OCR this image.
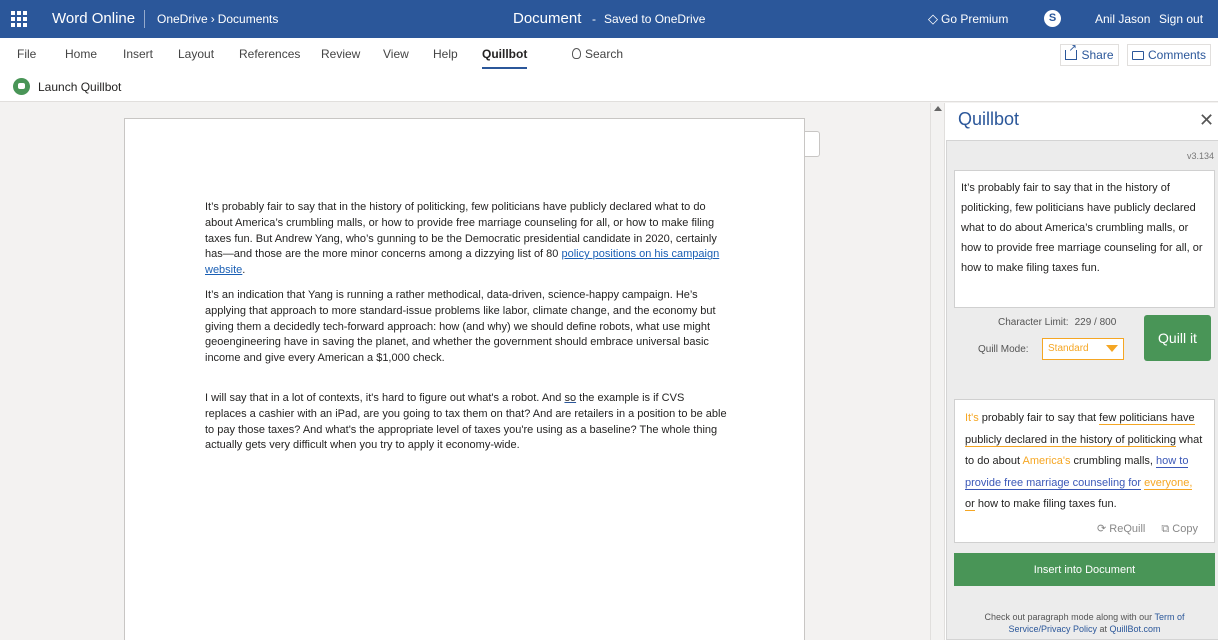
Word Online OneDrive › Documents	Document - Saved to OneDrive	◇ Go Premium	S	Anil Jason Sign out
File Home Insert Layout References Review View Help Quillbot	Search
↗	Share	Comments
Launch Quillbot

It’s probably fair to say that in the history of politicking, few politicians have publicly declared what to do about America’s crumbling malls, or how to provide free marriage counseling for all, or how to make filing taxes fun. But Andrew Yang, who’s gunning to be the Democratic presidential candidate in 2020, certainly has—and those are the more minor concerns among a dizzying list of 80 policy positions on his campaign website.

It’s an indication that Yang is running a rather methodical, data-driven, science-happy campaign. He’s applying that approach to more standard-issue problems like labor, climate change, and the economy but giving them a decidedly tech-forward approach: how (and why) we should define robots, what use might geoengineering have in saving the planet, and whether the government should embrace universal basic income and give every American a $1,000 check.

I will say that in a lot of contexts, it's hard to figure out what's a robot. And so the example is if CVS replaces a cashier with an iPad, are you going to tax them on that? And are retailers in a position to be able to pay those taxes? And what's the appropriate level of taxes you're using as a baseline? The whole thing actually gets very difficult when you try to apply it economy-wide.

Quillbot	✕
v3.134
It’s probably fair to say that in the history of politicking, few politicians have publicly declared what to do about America’s crumbling malls, or how to provide free marriage counseling for all, or how to make filing taxes fun.
Character Limit: 229 / 800
Quill Mode:	Standard
Quill it
It's probably fair to say that few politicians have publicly declared in the history of politicking what to do about America's crumbling malls, how to provide free marriage counseling for everyone, or how to make filing taxes fun.
⟳ ReQuill ⧉ Copy
Insert into Document
Check out paragraph mode along with our Term of Service/Privacy Policy at QuillBot.com
